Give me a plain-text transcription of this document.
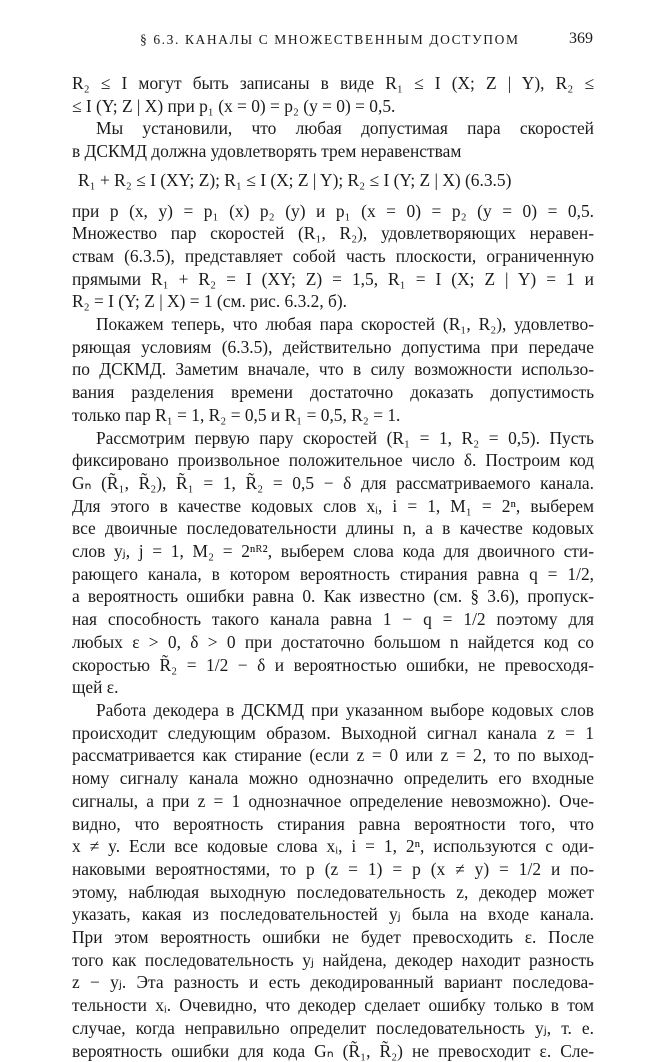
§ 6.3. КАНАЛЫ С МНОЖЕСТВЕННЫМ ДОСТУПОМ	369

R₂ ≤ I могут быть записаны в виде R₁ ≤ I (X; Z | Y), R₂ ≤

≤ I (Y; Z | X) при p₁ (x = 0) = p₂ (y = 0) = 0,5.

Мы установили, что любая допустимая пара скоростей

в ДСКМД должна удовлетворять трем неравенствам

R₁ + R₂ ≤ I (XY; Z); R₁ ≤ I (X; Z | Y); R₂ ≤ I (Y; Z | X) (6.3.5)

при p (x, y) = p₁ (x) p₂ (y) и p₁ (x = 0) = p₂ (y = 0) = 0,5.

Множество пар скоростей (R₁, R₂), удовлетворяющих неравен-

ствам (6.3.5), представляет собой часть плоскости, ограниченную

прямыми R₁ + R₂ = I (XY; Z) = 1,5, R₁ = I (X; Z | Y) = 1 и

R₂ = I (Y; Z | X) = 1 (см. рис. 6.3.2, б).

Покажем теперь, что любая пара скоростей (R₁, R₂), удовлетво-

ряющая условиям (6.3.5), действительно допустима при передаче

по ДСКМД. Заметим вначале, что в силу возможности использо-

вания разделения времени достаточно доказать допустимость

только пар R₁ = 1, R₂ = 0,5 и R₁ = 0,5, R₂ = 1.

Рассмотрим первую пару скоростей (R₁ = 1, R₂ = 0,5). Пусть

фиксировано произвольное положительное число δ. Построим код

Gₙ (R̃₁, R̃₂), R̃₁ = 1, R̃₂ = 0,5 − δ для рассматриваемого канала.

Для этого в качестве кодовых слов xᵢ, i = 1, M₁ = 2ⁿ, выберем

все двоичные последовательности длины n, а в качестве кодовых

слов yⱼ, j = 1, M₂ = 2ⁿᴿ², выберем слова кода для двоичного сти-

рающего канала, в котором вероятность стирания равна q = 1/2,

а вероятность ошибки равна 0. Как известно (см. § 3.6), пропуск-

ная способность такого канала равна 1 − q = 1/2 поэтому для

любых ε > 0, δ > 0 при достаточно большом n найдется код со

скоростью R̃₂ = 1/2 − δ и вероятностью ошибки, не превосходя-

щей ε.

Работа декодера в ДСКМД при указанном выборе кодовых слов

происходит следующим образом. Выходной сигнал канала z = 1

рассматривается как стирание (если z = 0 или z = 2, то по выход-

ному сигналу канала можно однозначно определить его входные

сигналы, а при z = 1 однозначное определение невозможно). Оче-

видно, что вероятность стирания равна вероятности того, что

x ≠ y. Если все кодовые слова xᵢ, i = 1, 2ⁿ, используются с оди-

наковыми вероятностями, то p (z = 1) = p (x ≠ y) = 1/2 и по-

этому, наблюдая выходную последовательность z, декодер может

указать, какая из последовательностей yⱼ была на входе канала.

При этом вероятность ошибки не будет превосходить ε. После

того как последовательность yⱼ найдена, декодер находит разность

z − yⱼ. Эта разность и есть декодированный вариант последова-

тельности xᵢ. Очевидно, что декодер сделает ошибку только в том

случае, когда неправильно определит последовательность yⱼ, т. е.

вероятность ошибки для кода Gₙ (R̃₁, R̃₂) не превосходит ε. Сле-
